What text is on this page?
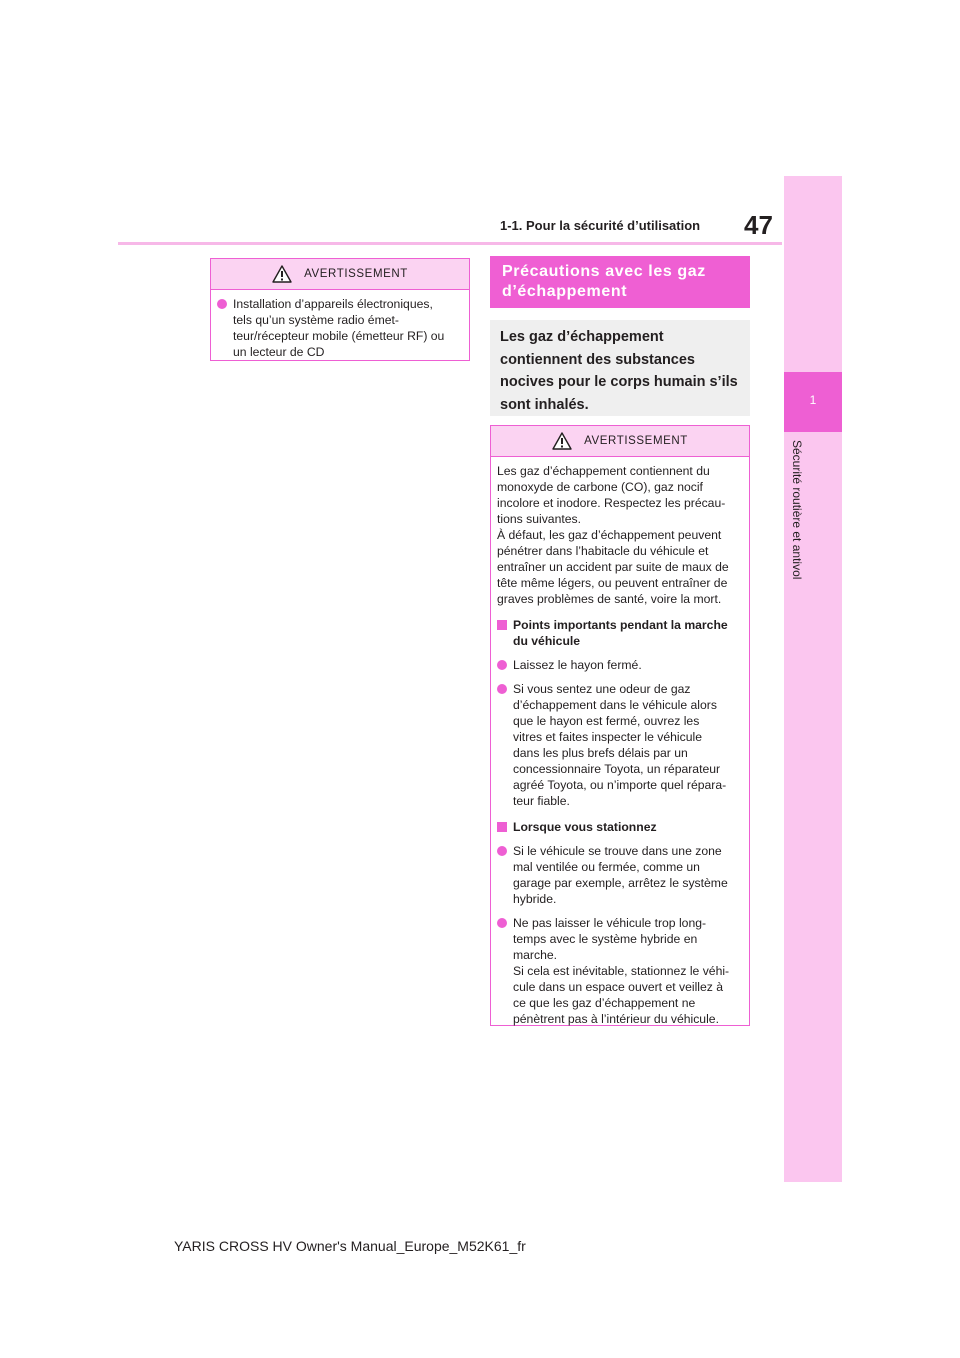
1
Sécurité routière et antivol
1-1. Pour la sécurité d’utilisation 47
AVERTISSEMENT
Installation d’appareils électroniques,
tels qu’un système radio émet-
teur/récepteur mobile (émetteur RF) ou
un lecteur de CD
Précautions avec les gaz
d’échappement
Les gaz d’échappement
contiennent des substances
nocives pour le corps humain s’ils
sont inhalés.
AVERTISSEMENT

Les gaz d’échappement contiennent du
monoxyde de carbone (CO), gaz nocif
incolore et inodore. Respectez les précau-
tions suivantes.
À défaut, les gaz d’échappement peuvent
pénétrer dans l’habitacle du véhicule et
entraîner un accident par suite de maux de
tête même légers, ou peuvent entraîner de
graves problèmes de santé, voire la mort.

Points importants pendant la marche
du véhicule
Laissez le hayon fermé.
Si vous sentez une odeur de gaz
d’échappement dans le véhicule alors
que le hayon est fermé, ouvrez les
vitres et faites inspecter le véhicule
dans les plus brefs délais par un
concessionnaire Toyota, un réparateur
agréé Toyota, ou n’importe quel répara-
teur fiable.
Lorsque vous stationnez
Si le véhicule se trouve dans une zone
mal ventilée ou fermée, comme un
garage par exemple, arrêtez le système
hybride.
Ne pas laisser le véhicule trop long-
temps avec le système hybride en
marche.
Si cela est inévitable, stationnez le véhi-
cule dans un espace ouvert et veillez à
ce que les gaz d’échappement ne
pénètrent pas à l’intérieur du véhicule.
YARIS CROSS HV Owner's Manual_Europe_M52K61_fr
